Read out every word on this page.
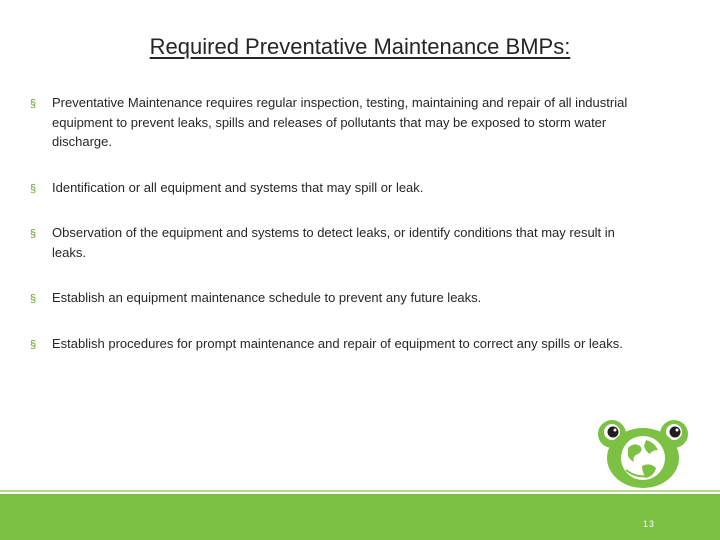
Required Preventative Maintenance BMPs:
§ Preventative Maintenance requires regular inspection, testing, maintaining and repair of all industrial equipment to prevent leaks, spills and releases of pollutants that may be exposed to storm water discharge.
§ Identification or all equipment and systems that may spill or leak.
§ Observation of the equipment and systems to detect leaks, or identify conditions that may result in leaks.
§ Establish an equipment maintenance schedule to prevent any future leaks.
§ Establish procedures for prompt maintenance and repair of equipment to correct any spills or leaks.
13
